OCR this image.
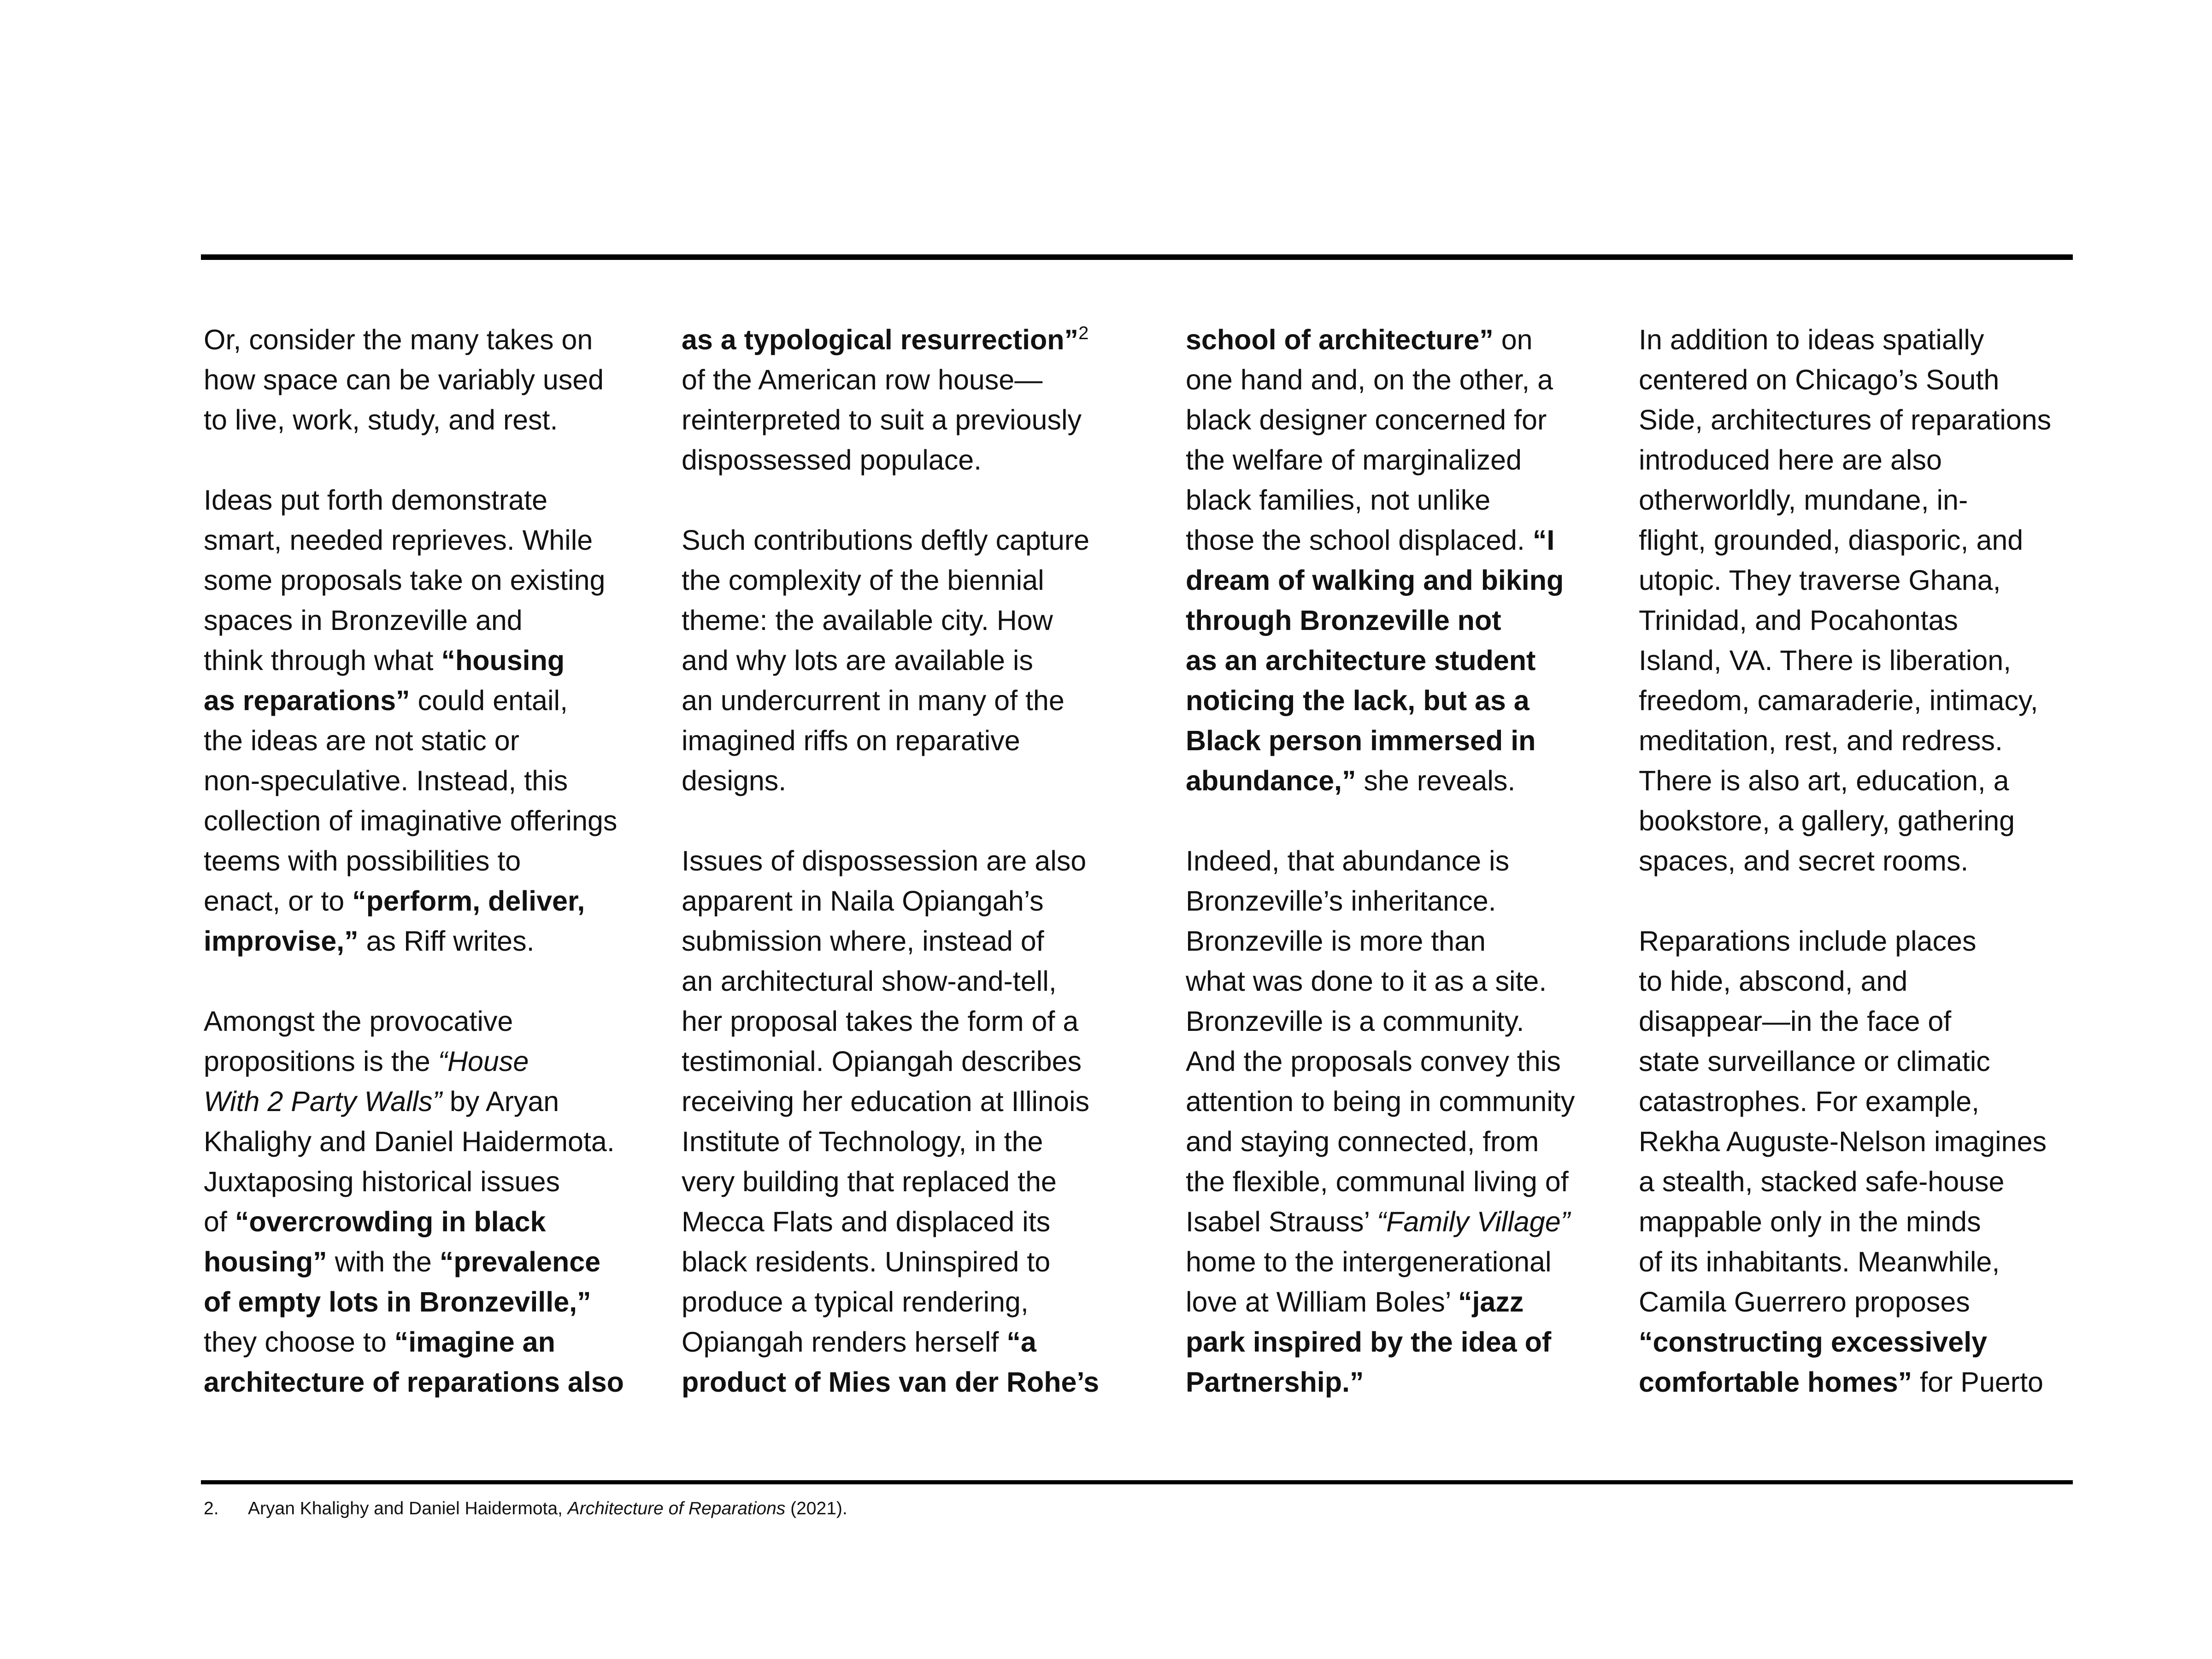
Or, consider the many takes on
how space can be variably used
to live, work, study, and rest.
Ideas put forth demonstrate
smart, needed reprieves. While
some proposals take on existing
spaces in Bronzeville and
think through what “housing
as reparations” could entail,
the ideas are not static or
non-speculative. Instead, this
collection of imaginative offerings
teems with possibilities to
enact, or to “perform, deliver,
improvise,” as Riff writes.
Amongst the provocative
propositions is the “House
With 2 Party Walls” by Aryan
Khalighy and Daniel Haidermota.
Juxtaposing historical issues
of “overcrowding in black
housing” with the “prevalence
of empty lots in Bronzeville,”
they choose to “imagine an
architecture of reparations also
as a typological resurrection”$^2$
of the American row house—
reinterpreted to suit a previously
dispossessed populace.
Such contributions deftly capture
the complexity of the biennial
theme: the available city. How
and why lots are available is
an undercurrent in many of the
imagined riffs on reparative
designs.
Issues of dispossession are also
apparent in Naila Opiangah’s
submission where, instead of
an architectural show-and-tell,
her proposal takes the form of a
testimonial. Opiangah describes
receiving her education at Illinois
Institute of Technology, in the
very building that replaced the
Mecca Flats and displaced its
black residents. Uninspired to
produce a typical rendering,
Opiangah renders herself “a
product of Mies van der Rohe’s
school of architecture” on
one hand and, on the other, a
black designer concerned for
the welfare of marginalized
black families, not unlike
those the school displaced. “I
dream of walking and biking
through Bronzeville not
as an architecture student
noticing the lack, but as a
Black person immersed in
abundance,” she reveals.
Indeed, that abundance is
Bronzeville’s inheritance.
Bronzeville is more than
what was done to it as a site.
Bronzeville is a community.
And the proposals convey this
attention to being in community
and staying connected, from
the flexible, communal living of
Isabel Strauss’ “Family Village”
home to the intergenerational
love at William Boles’ “jazz
park inspired by the idea of
Partnership.”
In addition to ideas spatially
centered on Chicago’s South
Side, architectures of reparations
introduced here are also
otherworldly, mundane, in-
flight, grounded, diasporic, and
utopic. They traverse Ghana,
Trinidad, and Pocahontas
Island, VA. There is liberation,
freedom, camaraderie, intimacy,
meditation, rest, and redress.
There is also art, education, a
bookstore, a gallery, gathering
spaces, and secret rooms.
Reparations include places
to hide, abscond, and
disappear—in the face of
state surveillance or climatic
catastrophes. For example,
Rekha Auguste-Nelson imagines
a stealth, stacked safe-house
mappable only in the minds
of its inhabitants. Meanwhile,
Camila Guerrero proposes
“constructing excessively
comfortable homes” for Puerto
2. Aryan Khalighy and Daniel Haidermota, Architecture of Reparations (2021).
